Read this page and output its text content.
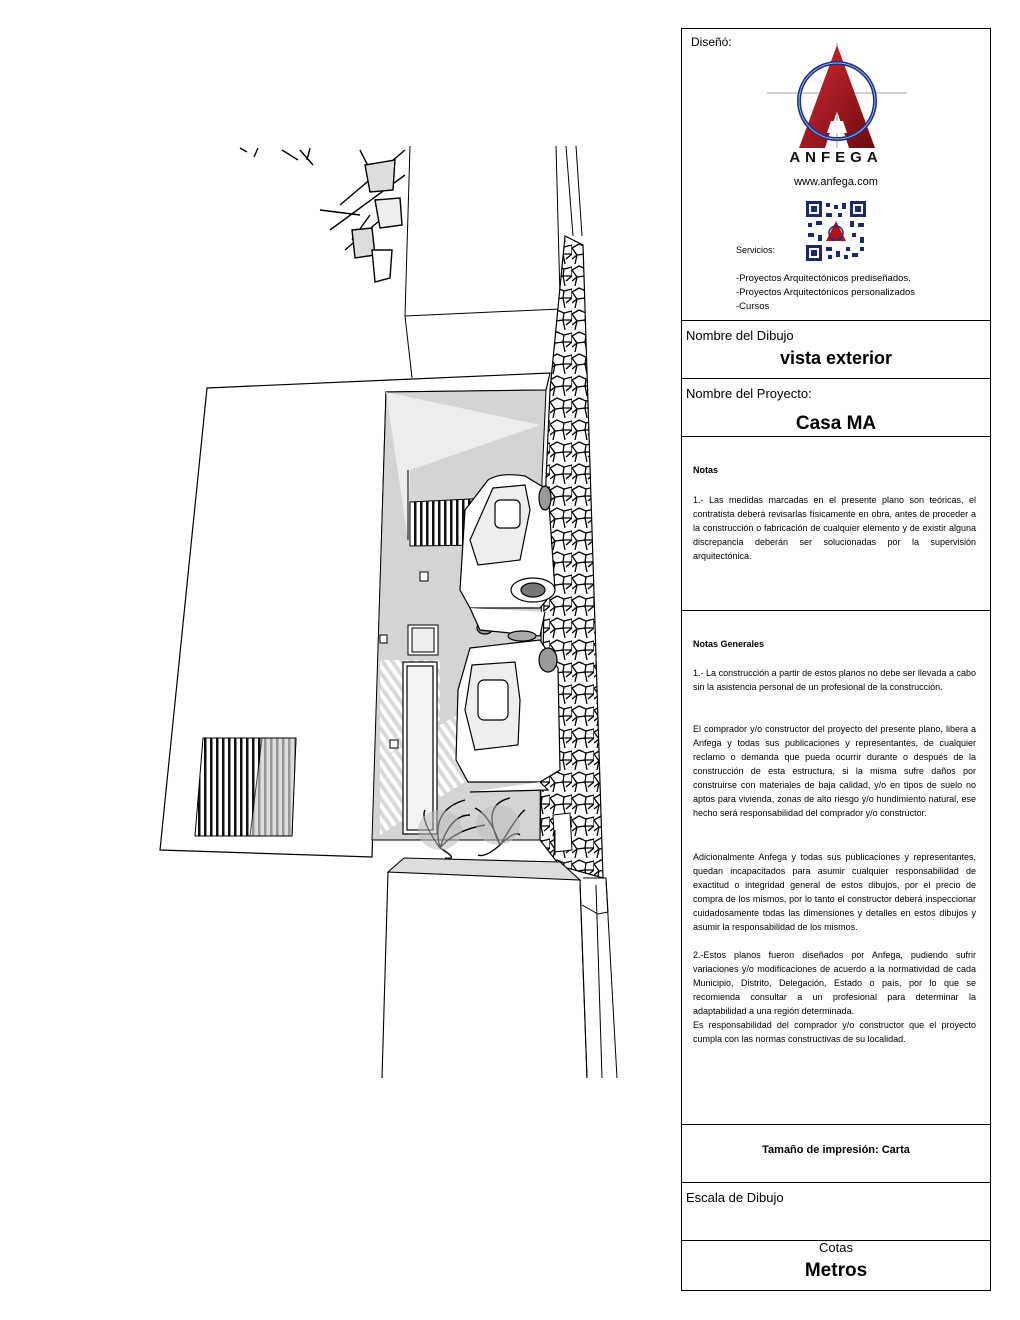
Diseñó:
ANFEGA
www.anfega.com
Servicios:
-Proyectos Arquitectónicos prediseñados.
-Proyectos Arquitectónicos personalizados
-Cursos
Nombre del Dibujo
vista exterior
Nombre del Proyecto:
Casa MA
Notas

1.- Las medidas marcadas en el presente plano son teóricas, el contratista deberá revisarlas físicamente en obra, antes de proceder a la construcción o fabricación de cualquier elemento y de existir alguna discrepancia deberán ser solucionadas por la supervisión arquitectónica.

Notas Generales

1.- La construcción a partir de estos planos no debe ser llevada a cabo sin la asistencia personal de un profesional de la construcción.

El comprador y/o constructor del proyecto del presente plano, libera a Anfega y todas sus publicaciones y representantes, de cualquier reclamo o demanda que pueda ocurrir durante o después de la construcción de esta estructura, si la misma sufre daños por construirse con materiales de baja calidad, y/o en tipos de suelo no aptos para vivienda, zonas de alto riesgo y/o hundimiento natural, ese hecho será responsabilidad del comprador y/o constructor.

Adicionalmente Anfega y todas sus publicaciones y representantes, quedan incapacitados para asumir cualquier responsabilidad de exactitud o integridad general de estos dibujos, por el precio de compra de los mismos, por lo tanto el constructor deberá inspeccionar cuidadosamente todas las dimensiones y detalles en estos dibujos y asumir la responsabilidad de los mismos.

2.-Estos planos fueron diseñados por Anfega, pudiendo sufrir variaciones y/o modificaciones de acuerdo a la normatividad de cada Municipio, Distrito, Delegación, Estado o país, por lo que se recomienda consultar a un profesional para determinar la adaptabilidad a una región determinada.
Es responsabilidad del comprador y/o constructor que el proyecto cumpla con las normas constructivas de su localidad.

Tamaño de impresión: Carta
Escala de Dibujo
Cotas
Metros
